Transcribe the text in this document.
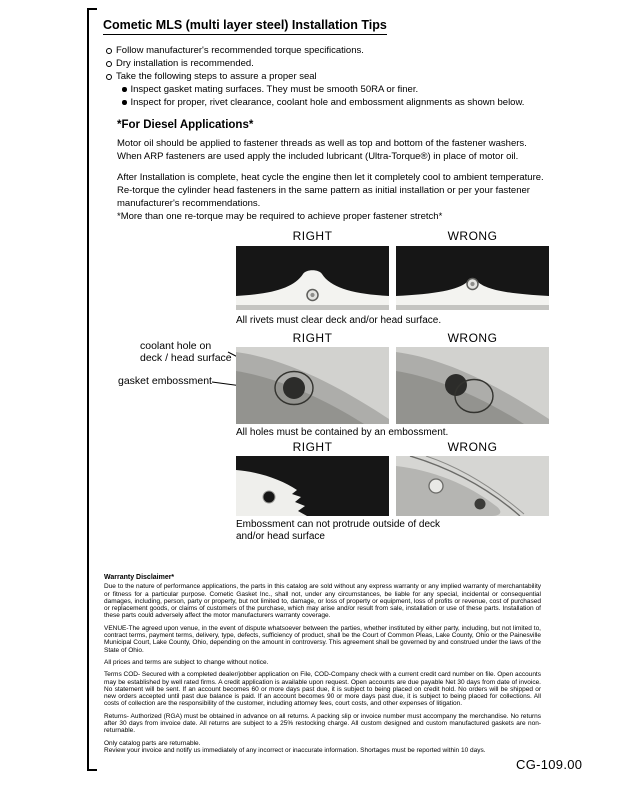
Cometic MLS (multi layer steel) Installation Tips
Follow manufacturer's recommended torque specifications.
Dry installation is recommended.
Take the following steps to assure a proper seal
Inspect gasket mating surfaces. They must be smooth 50RA or finer.
Inspect for proper, rivet clearance, coolant hole and embossment alignments as shown below.
*For Diesel Applications*
Motor oil should be applied to fastener threads as well as top and bottom of the fastener washers. When ARP fasteners are used apply the included lubricant (Ultra-Torque®) in place of motor oil.
After Installation is complete, heat cycle the engine then let it completely cool to ambient temperature. Re-torque the cylinder head fasteners in the same pattern as initial installation or per your fastener manufacturer's recommendations.
*More than one re-torque may be required to achieve proper fastener stretch*
RIGHT	WRONG
All rivets must clear deck and/or head surface.
RIGHT	WRONG
coolant hole on
deck / head surface
gasket embossment
All holes must be contained by an embossment.
RIGHT	WRONG
Embossment can not protrude outside of deck
and/or head surface
Warranty Disclaimer*

Due to the nature of performance applications, the parts in this catalog are sold without any express warranty or any implied warranty of merchantability or fitness for a particular purpose. Cometic Gasket Inc., shall not, under any circumstances, be liable for any special, incidental or consequential damages, including, person, party or property, but not limited to, damage, or loss of property or equipment, loss of profits or revenue, cost of purchased or replacement goods, or claims of customers of the purchase, which may arise and/or result from sale, installation or use of these parts. Installation of these parts could adversely affect the motor manufacturers warranty coverage.

VENUE-The agreed upon venue, in the event of dispute whatsoever between the parties, whether instituted by either party, including, but not limited to, contract terms, payment terms, delivery, type, defects, sufficiency of product, shall be the Court of Common Pleas, Lake County, Ohio or the Painesville Municipal Court, Lake County, Ohio, depending on the amount in controversy. This agreement shall be governed by and construed under the laws of the State of Ohio.

All prices and terms are subject to change without notice.

Terms COD- Secured with a completed dealer/jobber application on File, COD-Company check with a current credit card number on file. Open accounts may be established by well rated firms. A credit application is available upon request. Open accounts are due payable Net 30 days from date of invoice. No statement will be sent. If an account becomes 60 or more days past due, it is subject to being placed on credit hold. No orders will be shipped or new orders accepted until past due balance is paid. If an account becomes 90 or more days past due, it is subject to being placed for collections. All costs of collection are the responsibility of the customer, including attorney fees, court costs, and other expenses of litigation.

Returns- Authorized (RGA) must be obtained in advance on all returns. A packing slip or invoice number must accompany the merchandise. No returns after 30 days from invoice date. All returns are subject to a 25% restocking charge. All custom designed and custom manufactured gaskets are non-returnable.

Only catalog parts are returnable.

Review your invoice and notify us immediately of any incorrect or inaccurate information. Shortages must be reported within 10 days.

CG-109.00
